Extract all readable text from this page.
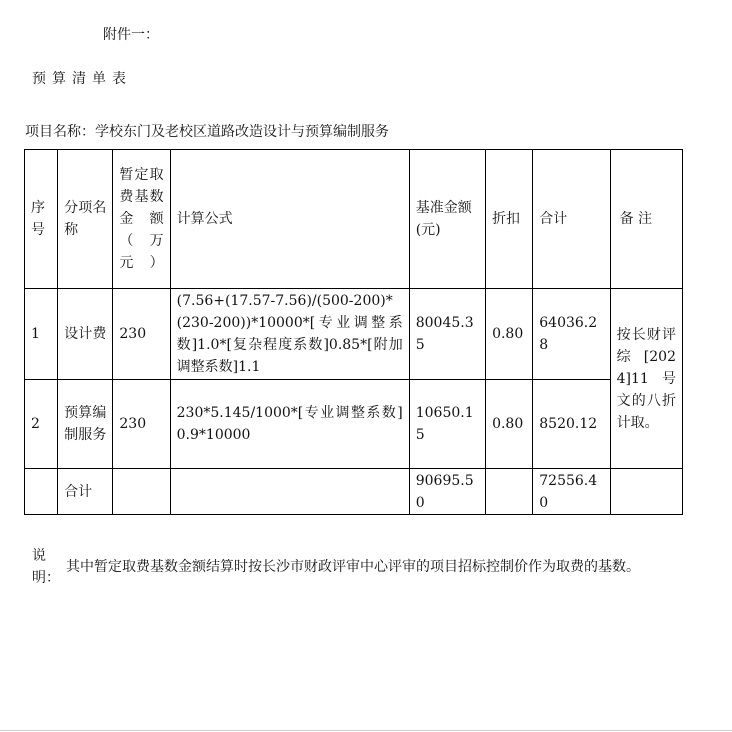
附件一：
预算清单表
项目名称：学校东门及老校区道路改造设计与预算编制服务
序号	分项名称	暂定取费基数金额（万元）	计算公式	基准金额(元)	折扣	合计	备 注
1	设计费	230	(7.56+(17.57-7.56)/(500-200)*(230-200))*10000*[专业调整系数]1.0*[复杂程度系数]0.85*[附加调整系数]1.1	80045.35	0.80	64036.28	按长财评综[2024]11号文的八折计取。
2	预算编制服务	230	230*5.145/1000*[专业调整系数]0.9*10000	10650.15	0.80	8520.12	
	合计			90695.50		72556.40	
说明：
其中暂定取费基数金额结算时按长沙市财政评审中心评审的项目招标控制价作为取费的基数。
